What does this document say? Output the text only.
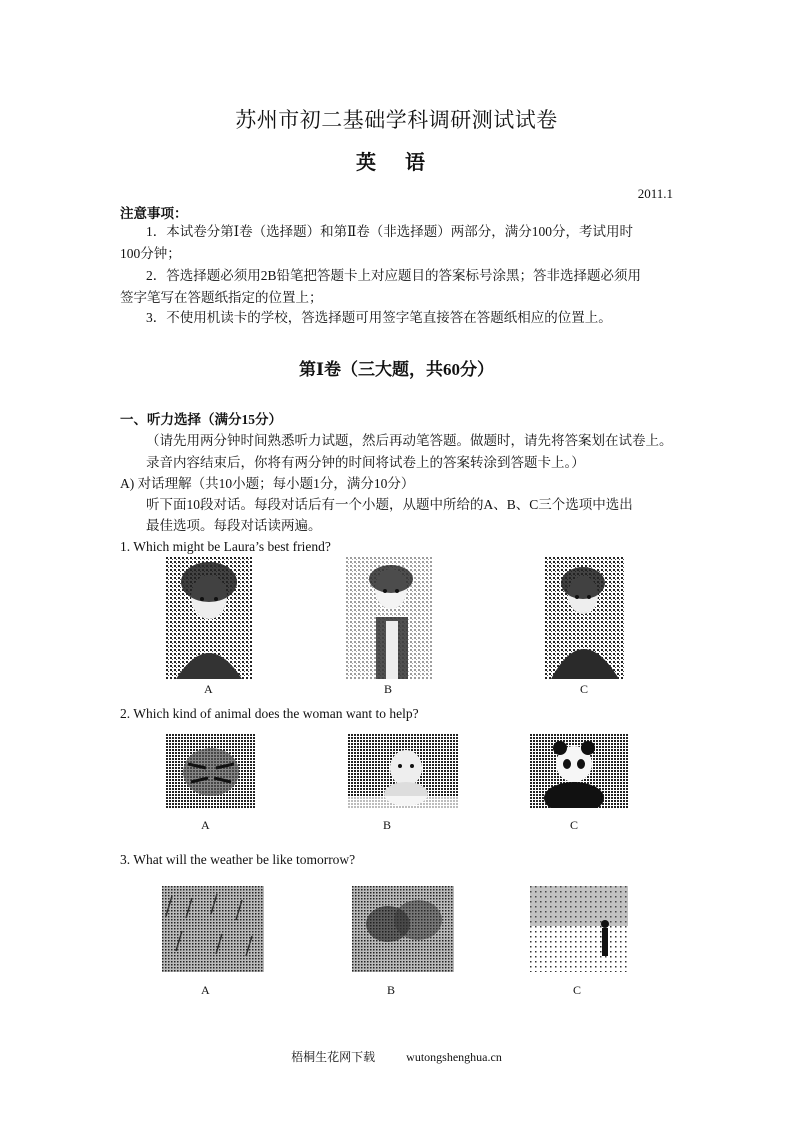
苏州市初二基础学科调研测试试卷
英 语
2011.1
注意事项：
1．本试卷分第Ⅰ卷（选择题）和第Ⅱ卷（非选择题）两部分，满分100分，考试用时
100分钟；
2．答选择题必须用2B铅笔把答题卡上对应题目的答案标号涂黑；答非选择题必须用
签字笔写在答题纸指定的位置上；
3．不使用机读卡的学校，答选择题可用签字笔直接答在答题纸相应的位置上。
第Ⅰ卷（三大题，共60分）
一、听力选择（满分15分）
（请先用两分钟时间熟悉听力试题，然后再动笔答题。做题时，请先将答案划在试卷上。
录音内容结束后，你将有两分钟的时间将试卷上的答案转涂到答题卡上。）
A) 对话理解（共10小题；每小题1分，满分10分）
听下面10段对话。每段对话后有一个小题，从题中所给的A、B、C三个选项中选出
最佳选项。每段对话读两遍。
1. Which might be Laura’s best friend?
A	B	C
2. Which kind of animal does the woman want to help?
A	B	C
3. What will the weather be like tomorrow?
A	B	C
梧桐生花网下载	wutongshenghua.cn
